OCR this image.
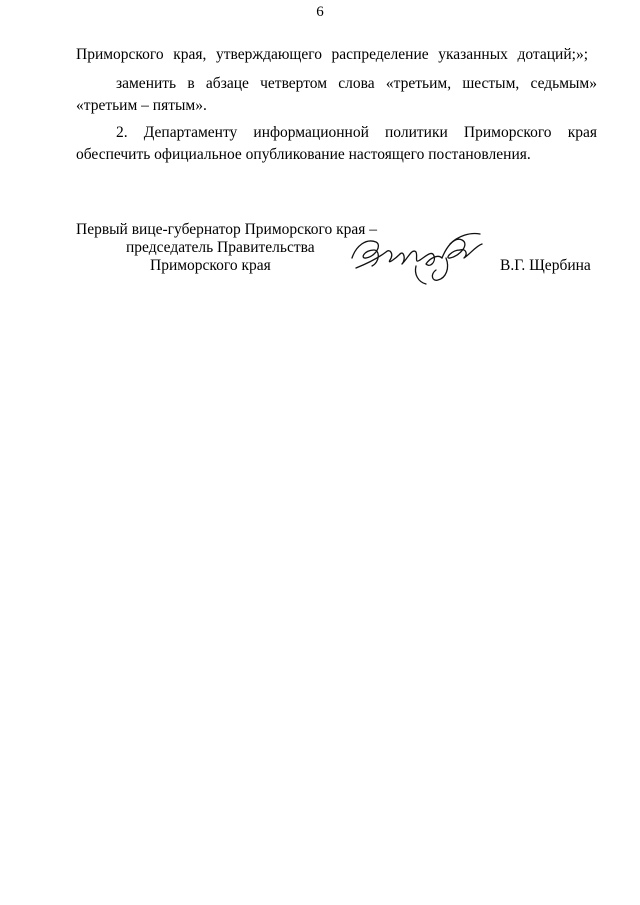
6
Приморского края, утверждающего распределение указанных дотаций;»;
заменить в абзаце четвертом слова «третьим, шестым, седьмым»
«третьим – пятым».
2. Департаменту информационной политики Приморского края
обеспечить официальное опубликование настоящего постановления.
Первый вице-губернатор Приморского края –
председатель Правительства
Приморского края	В.Г. Щербина
